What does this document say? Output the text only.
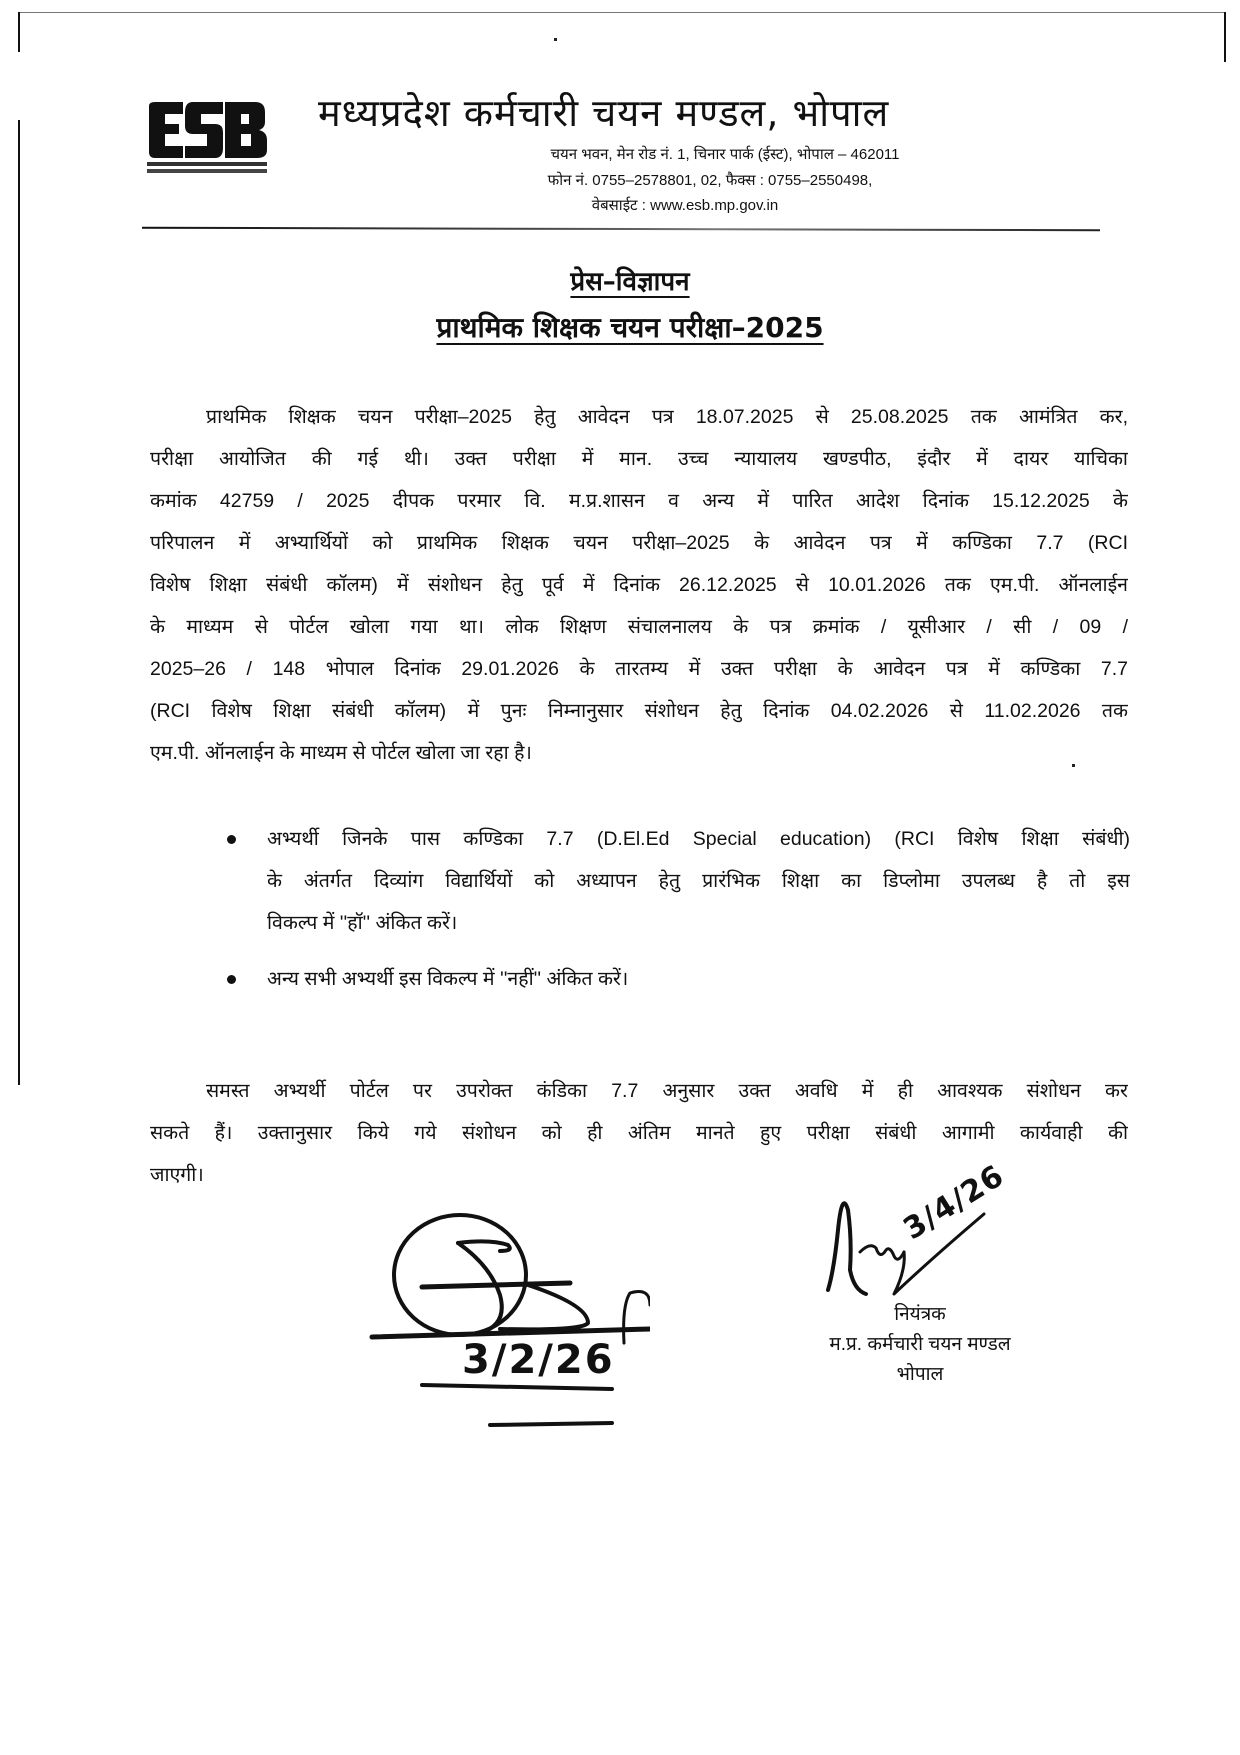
मध्यप्रदेश कर्मचारी चयन मण्डल, भोपाल
चयन भवन, मेन रोड नं. 1, चिनार पार्क (ईस्ट), भोपाल – 462011
फोन नं. 0755–2578801, 02, फैक्स : 0755–2550498,
वेबसाईट : www.esb.mp.gov.in
प्रेस–विज्ञापन
प्राथमिक शिक्षक चयन परीक्षा–2025
प्राथमिक शिक्षक चयन परीक्षा–2025 हेतु आवेदन पत्र 18.07.2025 से 25.08.2025 तक आमंत्रित कर,
परीक्षा आयोजित की गई थी। उक्त परीक्षा में मान. उच्च न्यायालय खण्डपीठ, इंदौर में दायर याचिका
कमांक 42759 / 2025 दीपक परमार वि. म.प्र.शासन व अन्य में पारित आदेश दिनांक 15.12.2025 के
परिपालन में अभ्यार्थियों को प्राथमिक शिक्षक चयन परीक्षा–2025 के आवेदन पत्र में कण्डिका 7.7 (RCI
विशेष शिक्षा संबंधी कॉलम) में संशोधन हेतु पूर्व में दिनांक 26.12.2025 से 10.01.2026 तक एम.पी. ऑनलाईन
के माध्यम से पोर्टल खोला गया था। लोक शिक्षण संचालनालय के पत्र क्रमांक / यूसीआर / सी / 09 /
2025–26 / 148 भोपाल दिनांक 29.01.2026 के तारतम्य में उक्त परीक्षा के आवेदन पत्र में कण्डिका 7.7
(RCI विशेष शिक्षा संबंधी कॉलम) में पुनः निम्नानुसार संशोधन हेतु दिनांक 04.02.2026 से 11.02.2026 तक
एम.पी. ऑनलाईन के माध्यम से पोर्टल खोला जा रहा है।
अभ्यर्थी जिनके पास कण्डिका 7.7 (D.El.Ed Special education) (RCI विशेष शिक्षा संबंधी)
के अंतर्गत दिव्यांग विद्यार्थियों को अध्यापन हेतु प्रारंभिक शिक्षा का डिप्लोमा उपलब्ध है तो इस
विकल्प में ''हॉ'' अंकित करें।
अन्य सभी अभ्यर्थी इस विकल्प में ''नहीं'' अंकित करें।
समस्त अभ्यर्थी पोर्टल पर उपरोक्त कंडिका 7.7 अनुसार उक्त अवधि में ही आवश्यक संशोधन कर
सकते हैं। उक्तानुसार किये गये संशोधन को ही अंतिम मानते हुए परीक्षा संबंधी आगामी कार्यवाही की
जाएगी।
3/2/26
3/4/26
नियंत्रक
म.प्र. कर्मचारी चयन मण्डल
भोपाल
